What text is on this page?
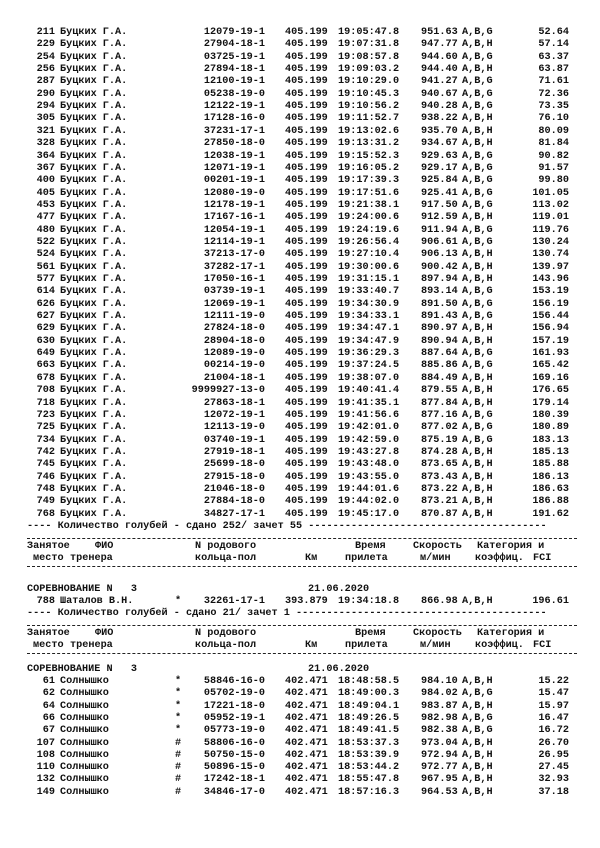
211 Буцких Г.А.	12079-19-1 405.199 19:05:47.8 951.63 A,B,G	52.64
229 Буцких Г.А.	27904-18-1 405.199 19:07:31.8 947.77 A,B,H	57.14
254 Буцких Г.А.	03725-19-1 405.199 19:08:57.8 944.60 A,B,G	63.37
256 Буцких Г.А.	27894-18-1 405.199 19:09:03.2 944.40 A,B,H	63.87
287 Буцких Г.А.	12100-19-1 405.199 19:10:29.0 941.27 A,B,G	71.61
290 Буцких Г.А.	05238-19-0 405.199 19:10:45.3 940.67 A,B,G	72.36
294 Буцких Г.А.	12122-19-1 405.199 19:10:56.2 940.28 A,B,G	73.35
305 Буцких Г.А.	17128-16-0 405.199 19:11:52.7 938.22 A,B,H	76.10
321 Буцких Г.А.	37231-17-1 405.199 19:13:02.6 935.70 A,B,H	80.09
328 Буцких Г.А.	27850-18-0 405.199 19:13:31.2 934.67 A,B,H	81.84
364 Буцких Г.А.	12038-19-1 405.199 19:15:52.3 929.63 A,B,G	90.82
367 Буцких Г.А.	12071-19-1 405.199 19:16:05.2 929.17 A,B,G	91.57
400 Буцких Г.А.	00201-19-1 405.199 19:17:39.3 925.84 A,B,G	99.80
405 Буцких Г.А.	12080-19-0 405.199 19:17:51.6 925.41 A,B,G	101.05
453 Буцких Г.А.	12178-19-1 405.199 19:21:38.1 917.50 A,B,G	113.02
477 Буцких Г.А.	17167-16-1 405.199 19:24:00.6 912.59 A,B,H	119.01
480 Буцких Г.А.	12054-19-1 405.199 19:24:19.6 911.94 A,B,G	119.76
522 Буцких Г.А.	12114-19-1 405.199 19:26:56.4 906.61 A,B,G	130.24
524 Буцких Г.А.	37213-17-0 405.199 19:27:10.4 906.13 A,B,H	130.74
561 Буцких Г.А.	37282-17-1 405.199 19:30:00.6 900.42 A,B,H	139.97
577 Буцких Г.А.	17050-16-1 405.199 19:31:15.1 897.94 A,B,H	143.96
614 Буцких Г.А.	03739-19-1 405.199 19:33:40.7 893.14 A,B,G	153.19
626 Буцких Г.А.	12069-19-1 405.199 19:34:30.9 891.50 A,B,G	156.19
627 Буцких Г.А.	12111-19-0 405.199 19:34:33.1 891.43 A,B,G	156.44
629 Буцких Г.А.	27824-18-0 405.199 19:34:47.1 890.97 A,B,H	156.94
630 Буцких Г.А.	28904-18-0 405.199 19:34:47.9 890.94 A,B,H	157.19
649 Буцких Г.А.	12089-19-0 405.199 19:36:29.3 887.64 A,B,G	161.93
663 Буцких Г.А.	00214-19-0 405.199 19:37:24.5 885.86 A,B,G	165.42
678 Буцких Г.А.	21004-18-1 405.199 19:38:07.0 884.49 A,B,H	169.16
708 Буцких Г.А.	9999927-13-0 405.199 19:40:41.4 879.55 A,B,H	176.65
718 Буцких Г.А.	27863-18-1 405.199 19:41:35.1 877.84 A,B,H	179.14
723 Буцких Г.А.	12072-19-1 405.199 19:41:56.6 877.16 A,B,G	180.39
725 Буцких Г.А.	12113-19-0 405.199 19:42:01.0 877.02 A,B,G	180.89
734 Буцких Г.А.	03740-19-1 405.199 19:42:59.0 875.19 A,B,G	183.13
742 Буцких Г.А.	27919-18-1 405.199 19:43:27.8 874.28 A,B,H	185.13
745 Буцких Г.А.	25699-18-0 405.199 19:43:48.0 873.65 A,B,H	185.88
746 Буцких Г.А.	27915-18-0 405.199 19:43:55.0 873.43 A,B,H	186.13
748 Буцких Г.А.	21046-18-0 405.199 19:44:01.6 873.22 A,B,H	186.63
749 Буцких Г.А.	27884-18-0 405.199 19:44:02.0 873.21 A,B,H	186.88
768 Буцких Г.А.	34827-17-1 405.199 19:45:17.0 870.87 A,B,H	191.62
---- Количество голубей - сдано 252/ зачет 55 ---------------------------------------
Занятое ФИО	N родового	Время	Скорость Категория и
место тренера	кольца-пол	Км	прилета	м/мин коэффиц. FCI
СОРЕВНОВАНИЕ N   3	21.06.2020
788 Шаталов В.Н.	* 32261-17-1 393.879 19:34:18.8 866.98 A,B,H	196.61
---- Количество голубей - сдано 21/ зачет 1 -----------------------------------------
Занятое ФИО	N родового	Время	Скорость Категория и
место тренера	кольца-пол	Км	прилета	м/мин коэффиц. FCI
СОРЕВНОВАНИЕ N   3	21.06.2020
61 Солнышко	* 58846-16-0 402.471 18:48:58.5 984.10 A,B,H	15.22
62 Солнышко	* 05702-19-0 402.471 18:49:00.3 984.02 A,B,G	15.47
64 Солнышко	* 17221-18-0 402.471 18:49:04.1 983.87 A,B,H	15.97
66 Солнышко	* 05952-19-1 402.471 18:49:26.5 982.98 A,B,G	16.47
67 Солнышко	* 05773-19-0 402.471 18:49:41.5 982.38 A,B,G	16.72
107 Солнышко	# 58806-16-0 402.471 18:53:37.3 973.04 A,B,H	26.70
108 Солнышко	# 50750-15-0 402.471 18:53:39.9 972.94 A,B,H	26.95
110 Солнышко	# 50896-15-0 402.471 18:53:44.2 972.77 A,B,H	27.45
132 Солнышко	# 17242-18-1 402.471 18:55:47.8 967.95 A,B,H	32.93
149 Солнышко	# 34846-17-0 402.471 18:57:16.3 964.53 A,B,H	37.18
